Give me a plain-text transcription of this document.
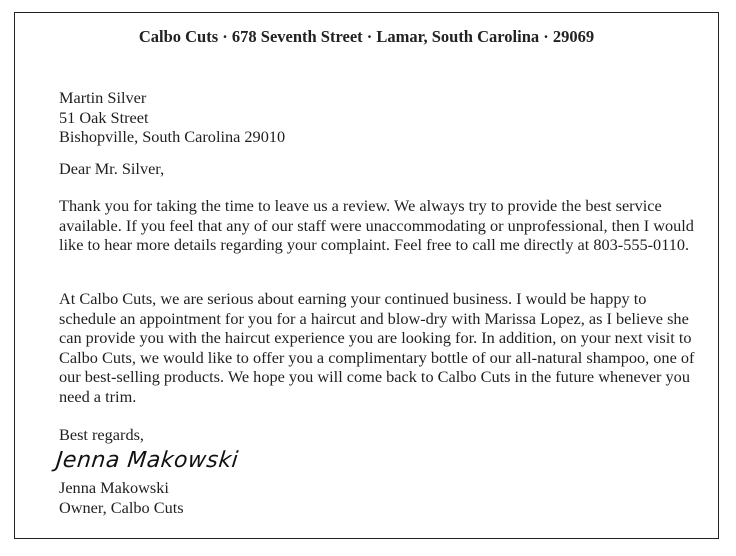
Calbo Cuts · 678 Seventh Street · Lamar, South Carolina · 29069
Martin Silver
51 Oak Street
Bishopville, South Carolina 29010
Dear Mr. Silver,

Thank you for taking the time to leave us a review. We always try to provide the best service available. If you feel that any of our staff were unaccommodating or unprofessional, then I would like to hear more details regarding your complaint. Feel free to call me directly at 803-555-0110.

At Calbo Cuts, we are serious about earning your continued business. I would be happy to schedule an appointment for you for a haircut and blow-dry with Marissa Lopez, as I believe she can provide you with the haircut experience you are looking for. In addition, on your next visit to Calbo Cuts, we would like to offer you a complimentary bottle of our all-natural shampoo, one of our best-selling products. We hope you will come back to Calbo Cuts in the future whenever you need a trim.

Best regards,
Jenna Makowski
Jenna Makowski
Owner, Calbo Cuts
